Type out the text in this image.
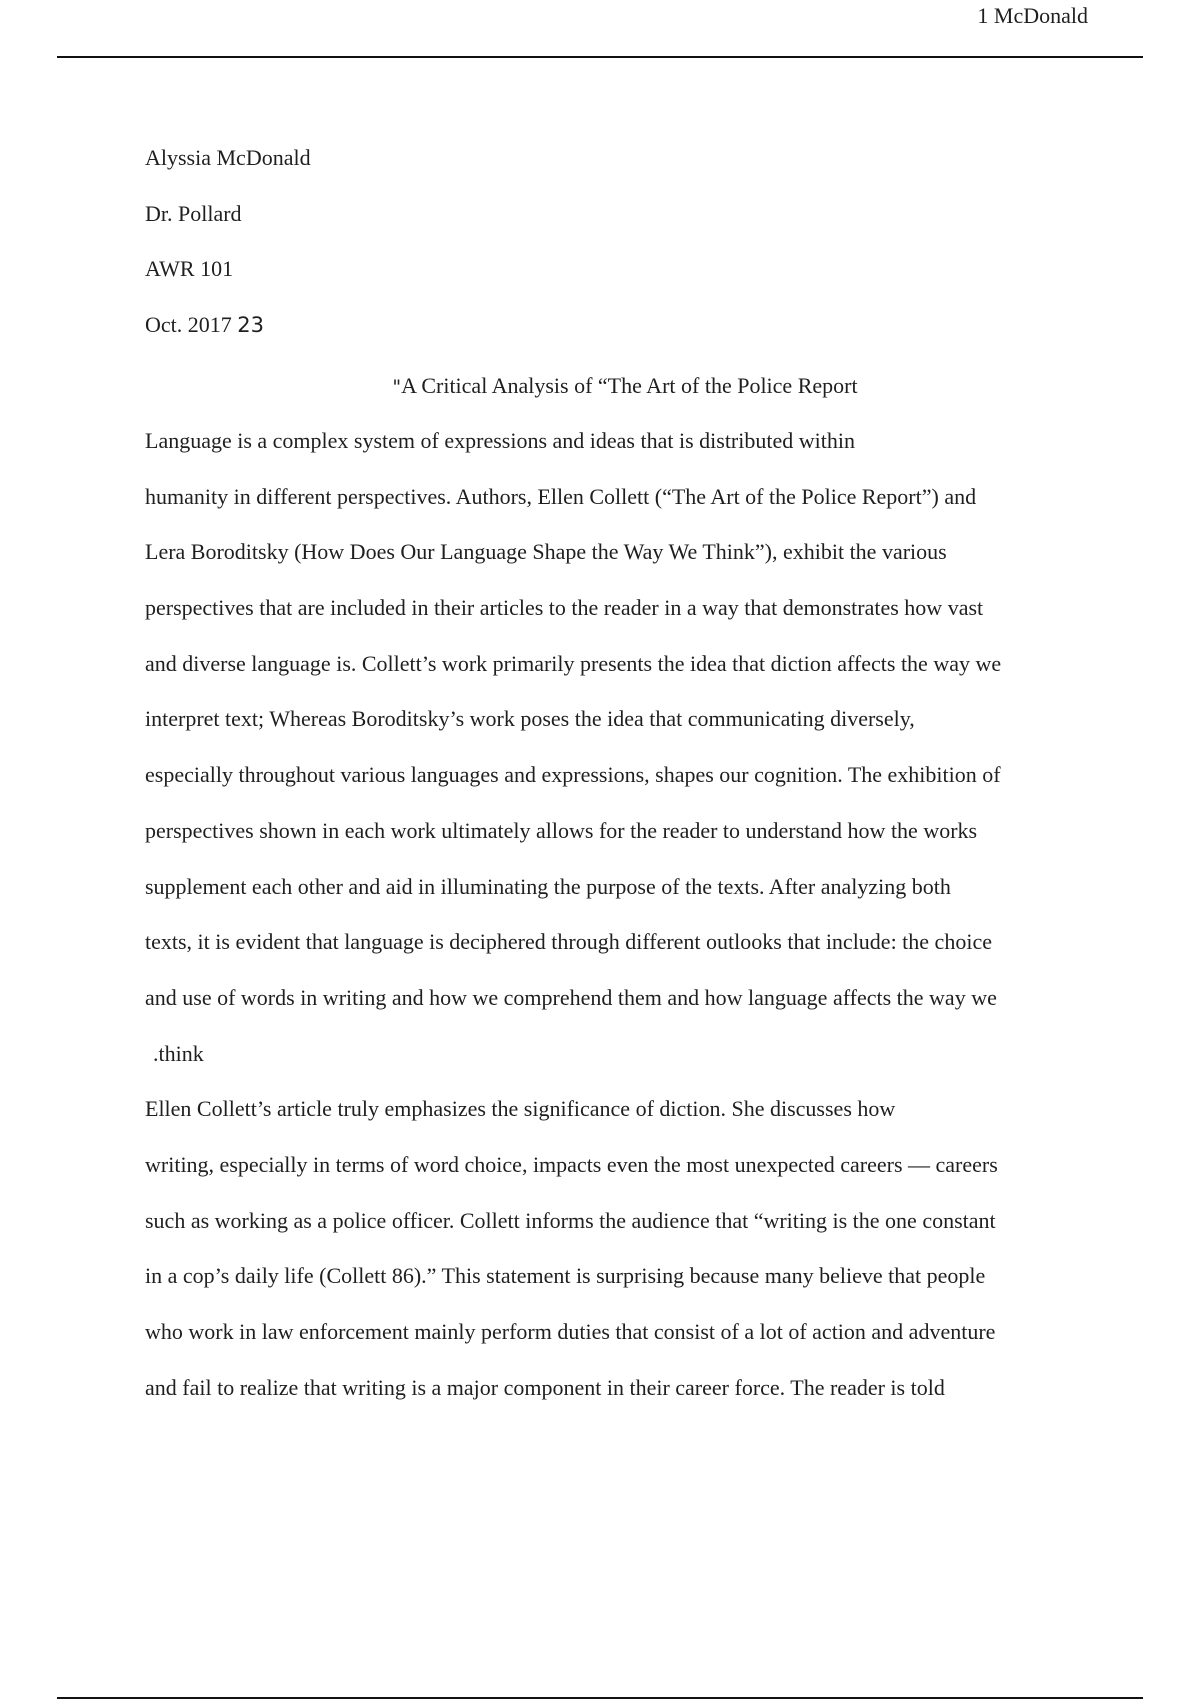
1 McDonald
Alyssia McDonald
Dr. Pollard
AWR 101
Oct. 2017 23
"A Critical Analysis of “The Art of the Police Report
Language is a complex system of expressions and ideas that is distributed within
humanity in different perspectives. Authors, Ellen Collett (“The Art of the Police Report”) and
Lera Boroditsky (How Does Our Language Shape the Way We Think”), exhibit the various
perspectives that are included in their articles to the reader in a way that demonstrates how vast
and diverse language is. Collett’s work primarily presents the idea that diction affects the way we
interpret text; Whereas Boroditsky’s work poses the idea that communicating diversely,
especially throughout various languages and expressions, shapes our cognition. The exhibition of
perspectives shown in each work ultimately allows for the reader to understand how the works
supplement each other and aid in illuminating the purpose of the texts. After analyzing both
texts, it is evident that language is deciphered through different outlooks that include: the choice
and use of words in writing and how we comprehend them and how language affects the way we
.think
Ellen Collett’s article truly emphasizes the significance of diction. She discusses how
writing, especially in terms of word choice, impacts even the most unexpected careers — careers
such as working as a police officer. Collett informs the audience that “writing is the one constant
in a cop’s daily life (Collett 86).” This statement is surprising because many believe that people
who work in law enforcement mainly perform duties that consist of a lot of action and adventure
and fail to realize that writing is a major component in their career force. The reader is told
